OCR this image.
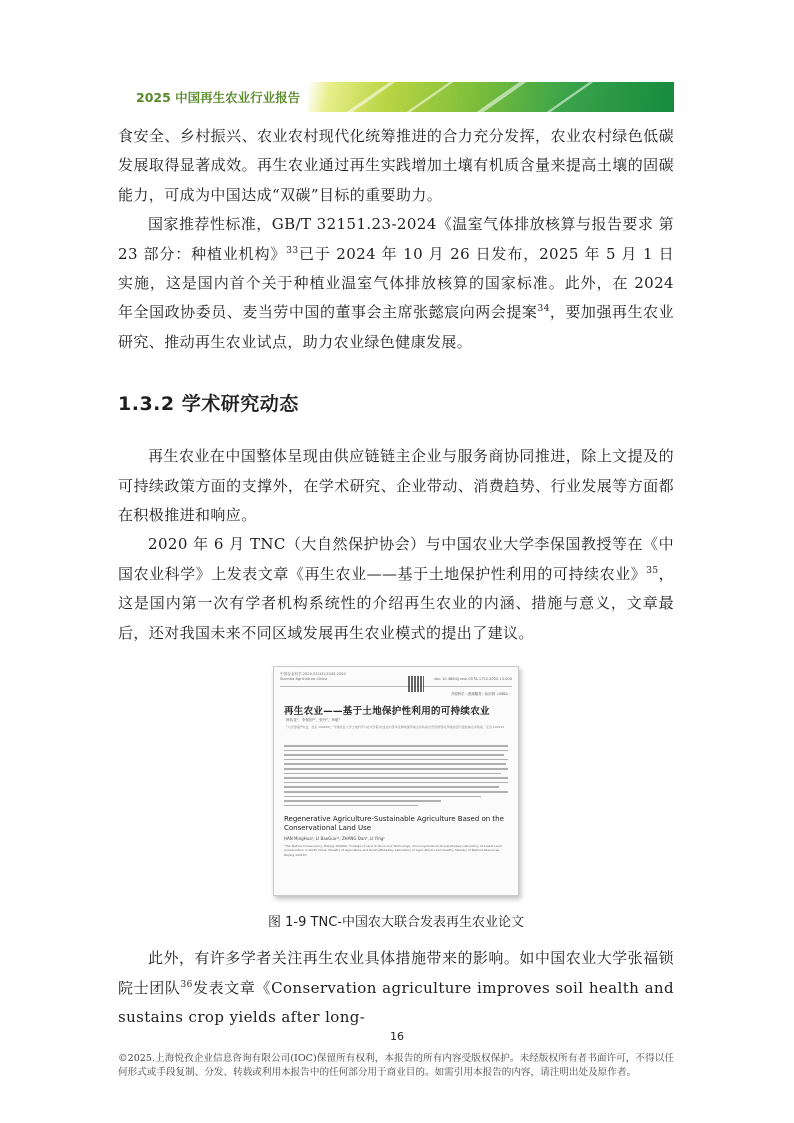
2025 中国再生农业行业报告

食安全、乡村振兴、农业农村现代化统筹推进的合力充分发挥，农业农村绿色低碳发展取得显著成效。再生农业通过再生实践增加土壤有机质含量来提高土壤的固碳能力，可成为中国达成“双碳”目标的重要助力。

国家推荐性标准，GB/T 32151.23-2024《温室气体排放核算与报告要求 第 23 部分：种植业机构》$^{33}$已于 2024 年 10 月 26 日发布，2025 年 5 月 1 日实施，这是国内首个关于种植业温室气体排放核算的国家标准。此外，在 2024 年全国政协委员、麦当劳中国的董事会主席张懿宸向两会提案$^{34}$，要加强再生农业研究、推动再生农业试点，助力农业绿色健康发展。

1.3.2 学术研究动态

再生农业在中国整体呈现由供应链链主企业与服务商协同推进，除上文提及的可持续政策方面的支撑外，在学术研究、企业带动、消费趋势、行业发展等方面都在积极推进和响应。

2020 年 6 月 TNC（大自然保护协会）与中国农业大学李保国教授等在《中国农业科学》上发表文章《再生农业——基于土地保护性利用的可持续农业》$^{35}$，这是国内第一次有学者机构系统性的介绍再生农业的内涵、措施与意义，文章最后，还对我国未来不同区域发展再生农业模式的提出了建议。

中国农业科学 2020,53(13):2543-2550
Scientia Agricultura Sinica	doi: 10.3864/j.issn.0578-1752.2020.13.004
开放科学（资源服务）标识码（OSID）：
再生农业——基于土地保护性利用的可持续农业
韩鸣花¹，李保国¹²，张丹³，李聪¹
¹大自然保护协会，北京 100600；²中国农业大学土地科学与技术学院/农业农村部华北耕地保育重点实验室/自然资源部农用地质量与监控重点实验室，北京 100193
Regenerative Agriculture-Sustainable Agriculture Based on the Conservational Land Use
HAN MingHua¹, LI BaoGuo¹², ZHANG Dan³, LI Ying¹
¹The Nature Conservancy, Beijing 100600; ²College of Land Science and Technology, China Agricultural University/Key Laboratory of Arable Land Conservation in North China, Ministry of Agriculture and Rural Affairs/Key Laboratory of Agricultural Land Quality, Ministry of Natural Resources, Beijing 100193
图 1-9 TNC-中国农大联合发表再生农业论文

此外，有许多学者关注再生农业具体措施带来的影响。如中国农业大学张福锁院士团队$^{36}$发表文章《Conservation agriculture improves soil health and sustains crop yields after long-

16
©2025.上海悦孜企业信息咨询有限公司(IOC)保留所有权利，本报告的所有内容受版权保护。未经版权所有者书面许可，不得以任何形式或手段复制、分发、转载或利用本报告中的任何部分用于商业目的。如需引用本报告的内容，请注明出处及原作者。
